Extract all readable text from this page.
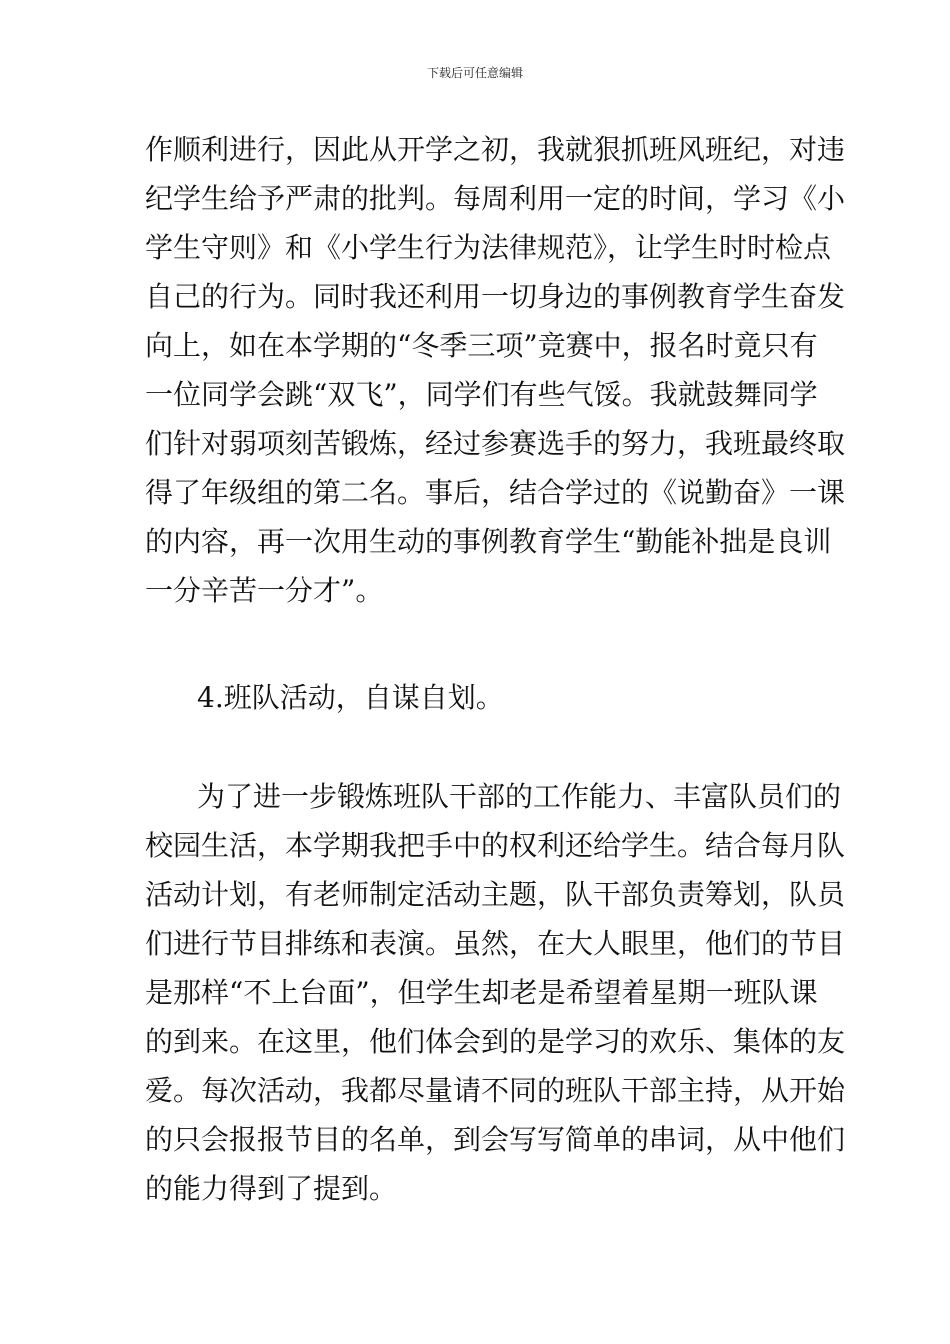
下载后可任意编辑
作顺利进行，因此从开学之初，我就狠抓班风班纪，对违
纪学生给予严肃的批判。每周利用一定的时间，学习《小
学生守则》和《小学生行为法律规范》，让学生时时检点
自己的行为。同时我还利用一切身边的事例教育学生奋发
向上，如在本学期的“冬季三项”竞赛中，报名时竟只有
一位同学会跳“双飞”，同学们有些气馁。我就鼓舞同学
们针对弱项刻苦锻炼，经过参赛选手的努力，我班最终取
得了年级组的第二名。事后，结合学过的《说勤奋》一课
的内容，再一次用生动的事例教育学生“勤能补拙是良训
一分辛苦一分才”。
4.班队活动，自谋自划。
为了进一步锻炼班队干部的工作能力、丰富队员们的
校园生活，本学期我把手中的权利还给学生。结合每月队
活动计划，有老师制定活动主题，队干部负责筹划，队员
们进行节目排练和表演。虽然，在大人眼里，他们的节目
是那样“不上台面”，但学生却老是希望着星期一班队课
的到来。在这里，他们体会到的是学习的欢乐、集体的友
爱。每次活动，我都尽量请不同的班队干部主持，从开始
的只会报报节目的名单，到会写写简单的串词，从中他们
的能力得到了提到。
